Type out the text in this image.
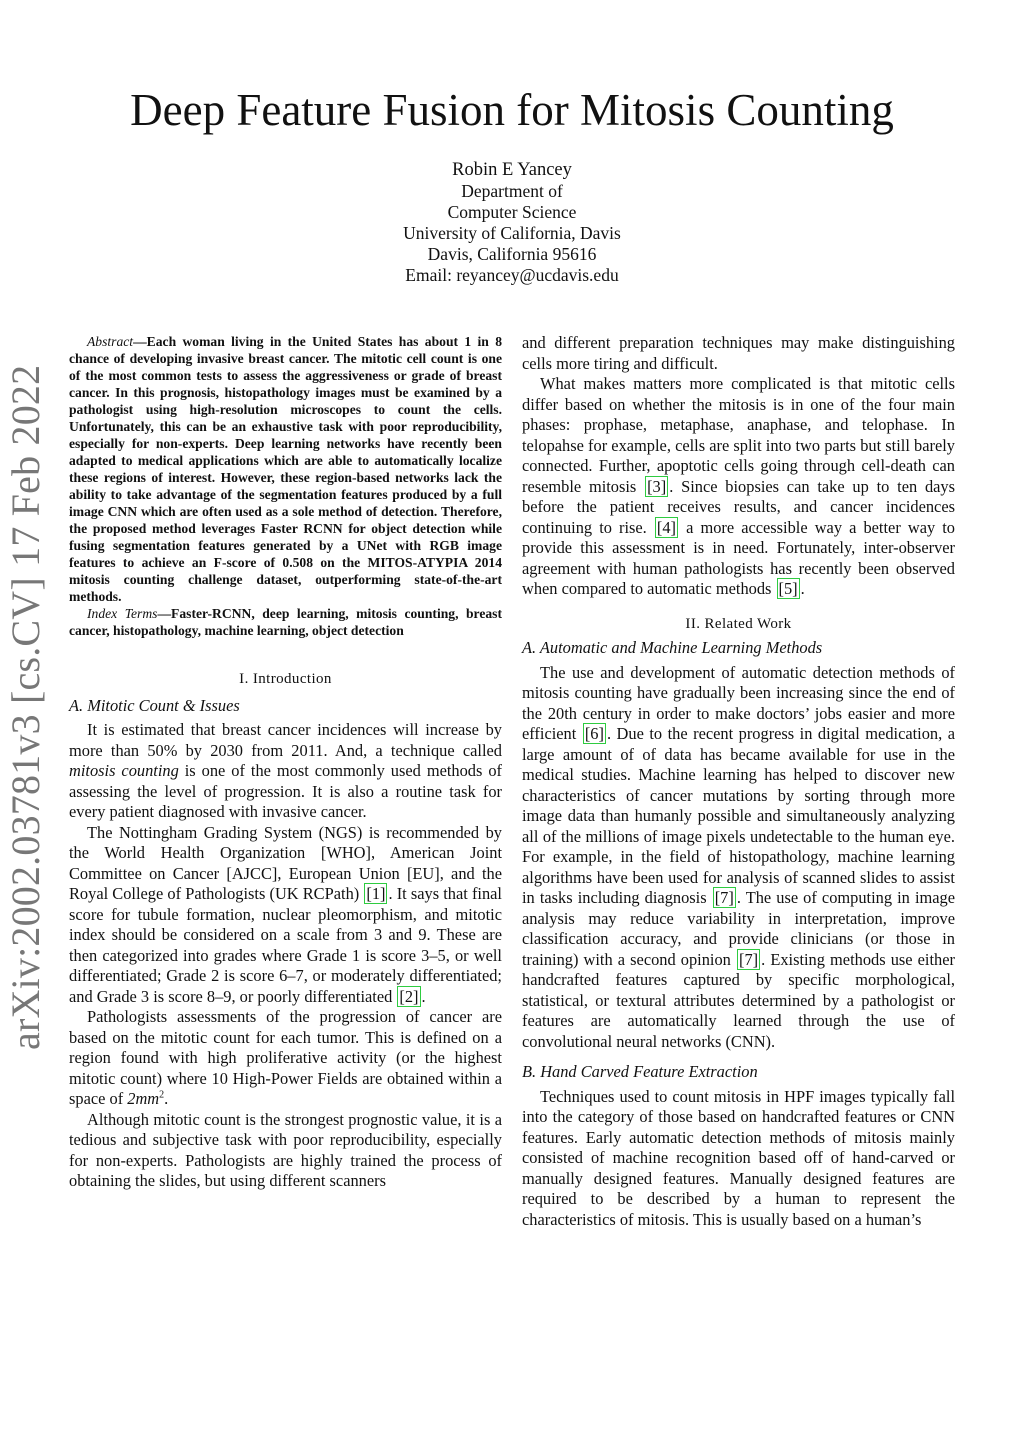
arXiv:2002.03781v3 [cs.CV] 17 Feb 2022
Deep Feature Fusion for Mitosis Counting
Robin E Yancey
Department of
Computer Science
University of California, Davis
Davis, California 95616
Email: reyancey@ucdavis.edu

Abstract—Each woman living in the United States has about 1 in 8 chance of developing invasive breast cancer. The mitotic cell count is one of the most common tests to assess the aggressiveness or grade of breast cancer. In this prognosis, histopathology images must be examined by a pathologist using high-resolution microscopes to count the cells. Unfortunately, this can be an exhaustive task with poor reproducibility, especially for non-experts. Deep learning networks have recently been adapted to medical applications which are able to automatically localize these regions of interest. However, these region-based networks lack the ability to take advantage of the segmentation features produced by a full image CNN which are often used as a sole method of detection. Therefore, the proposed method leverages Faster RCNN for object detection while fusing segmentation features generated by a UNet with RGB image features to achieve an F-score of 0.508 on the MITOS-ATYPIA 2014 mitosis counting challenge dataset, outperforming state-of-the-art methods.

Index Terms—Faster-RCNN, deep learning, mitosis counting, breast cancer, histopathology, machine learning, object detection

I. Introduction
A. Mitotic Count & Issues

It is estimated that breast cancer incidences will increase by more than 50% by 2030 from 2011. And, a technique called mitosis counting is one of the most commonly used methods of assessing the level of progression. It is also a routine task for every patient diagnosed with invasive cancer.

The Nottingham Grading System (NGS) is recommended by the World Health Organization [WHO], American Joint Committee on Cancer [AJCC], European Union [EU], and the Royal College of Pathologists (UK RCPath) [1] . It says that final score for tubule formation, nuclear pleomorphism, and mitotic index should be considered on a scale from 3 and 9. These are then categorized into grades where Grade 1 is score 3–5, or well differentiated; Grade 2 is score 6–7, or moderately differentiated; and Grade 3 is score 8–9, or poorly differentiated [2] .

Pathologists assessments of the progression of cancer are based on the mitotic count for each tumor. This is defined on a region found with high proliferative activity (or the highest mitotic count) where 10 High-Power Fields are obtained within a space of $2mm^2$.

Although mitotic count is the strongest prognostic value, it is a tedious and subjective task with poor reproducibility, especially for non-experts. Pathologists are highly trained the process of obtaining the slides, but using different scanners

and different preparation techniques may make distinguishing cells more tiring and difficult.

What makes matters more complicated is that mitotic cells differ based on whether the mitosis is in one of the four main phases: prophase, metaphase, anaphase, and telophase. In telopahse for example, cells are split into two parts but still barely connected. Further, apoptotic cells going through cell-death can resemble mitosis [3] . Since biopsies can take up to ten days before the patient receives results, and cancer incidences continuing to rise. [4] a more accessible way a better way to provide this assessment is in need. Fortunately, inter-observer agreement with human pathologists has recently been observed when compared to automatic methods [5] .

II. Related Work
A. Automatic and Machine Learning Methods

The use and development of automatic detection methods of mitosis counting have gradually been increasing since the end of the 20th century in order to make doctors’ jobs easier and more efficient [6] . Due to the recent progress in digital medication, a large amount of of data has became available for use in the medical studies. Machine learning has helped to discover new characteristics of cancer mutations by sorting through more image data than humanly possible and simultaneously analyzing all of the millions of image pixels undetectable to the human eye. For example, in the field of histopathology, machine learning algorithms have been used for analysis of scanned slides to assist in tasks including diagnosis [7] . The use of computing in image analysis may reduce variability in interpretation, improve classification accuracy, and provide clinicians (or those in training) with a second opinion [7] . Existing methods use either handcrafted features captured by specific morphological, statistical, or textural attributes determined by a pathologist or features are automatically learned through the use of convolutional neural networks (CNN).

B. Hand Carved Feature Extraction

Techniques used to count mitosis in HPF images typically fall into the category of those based on handcrafted features or CNN features. Early automatic detection methods of mitosis mainly consisted of machine recognition based off of hand-carved or manually designed features. Manually designed features are required to be described by a human to represent the characteristics of mitosis. This is usually based on a human’s
